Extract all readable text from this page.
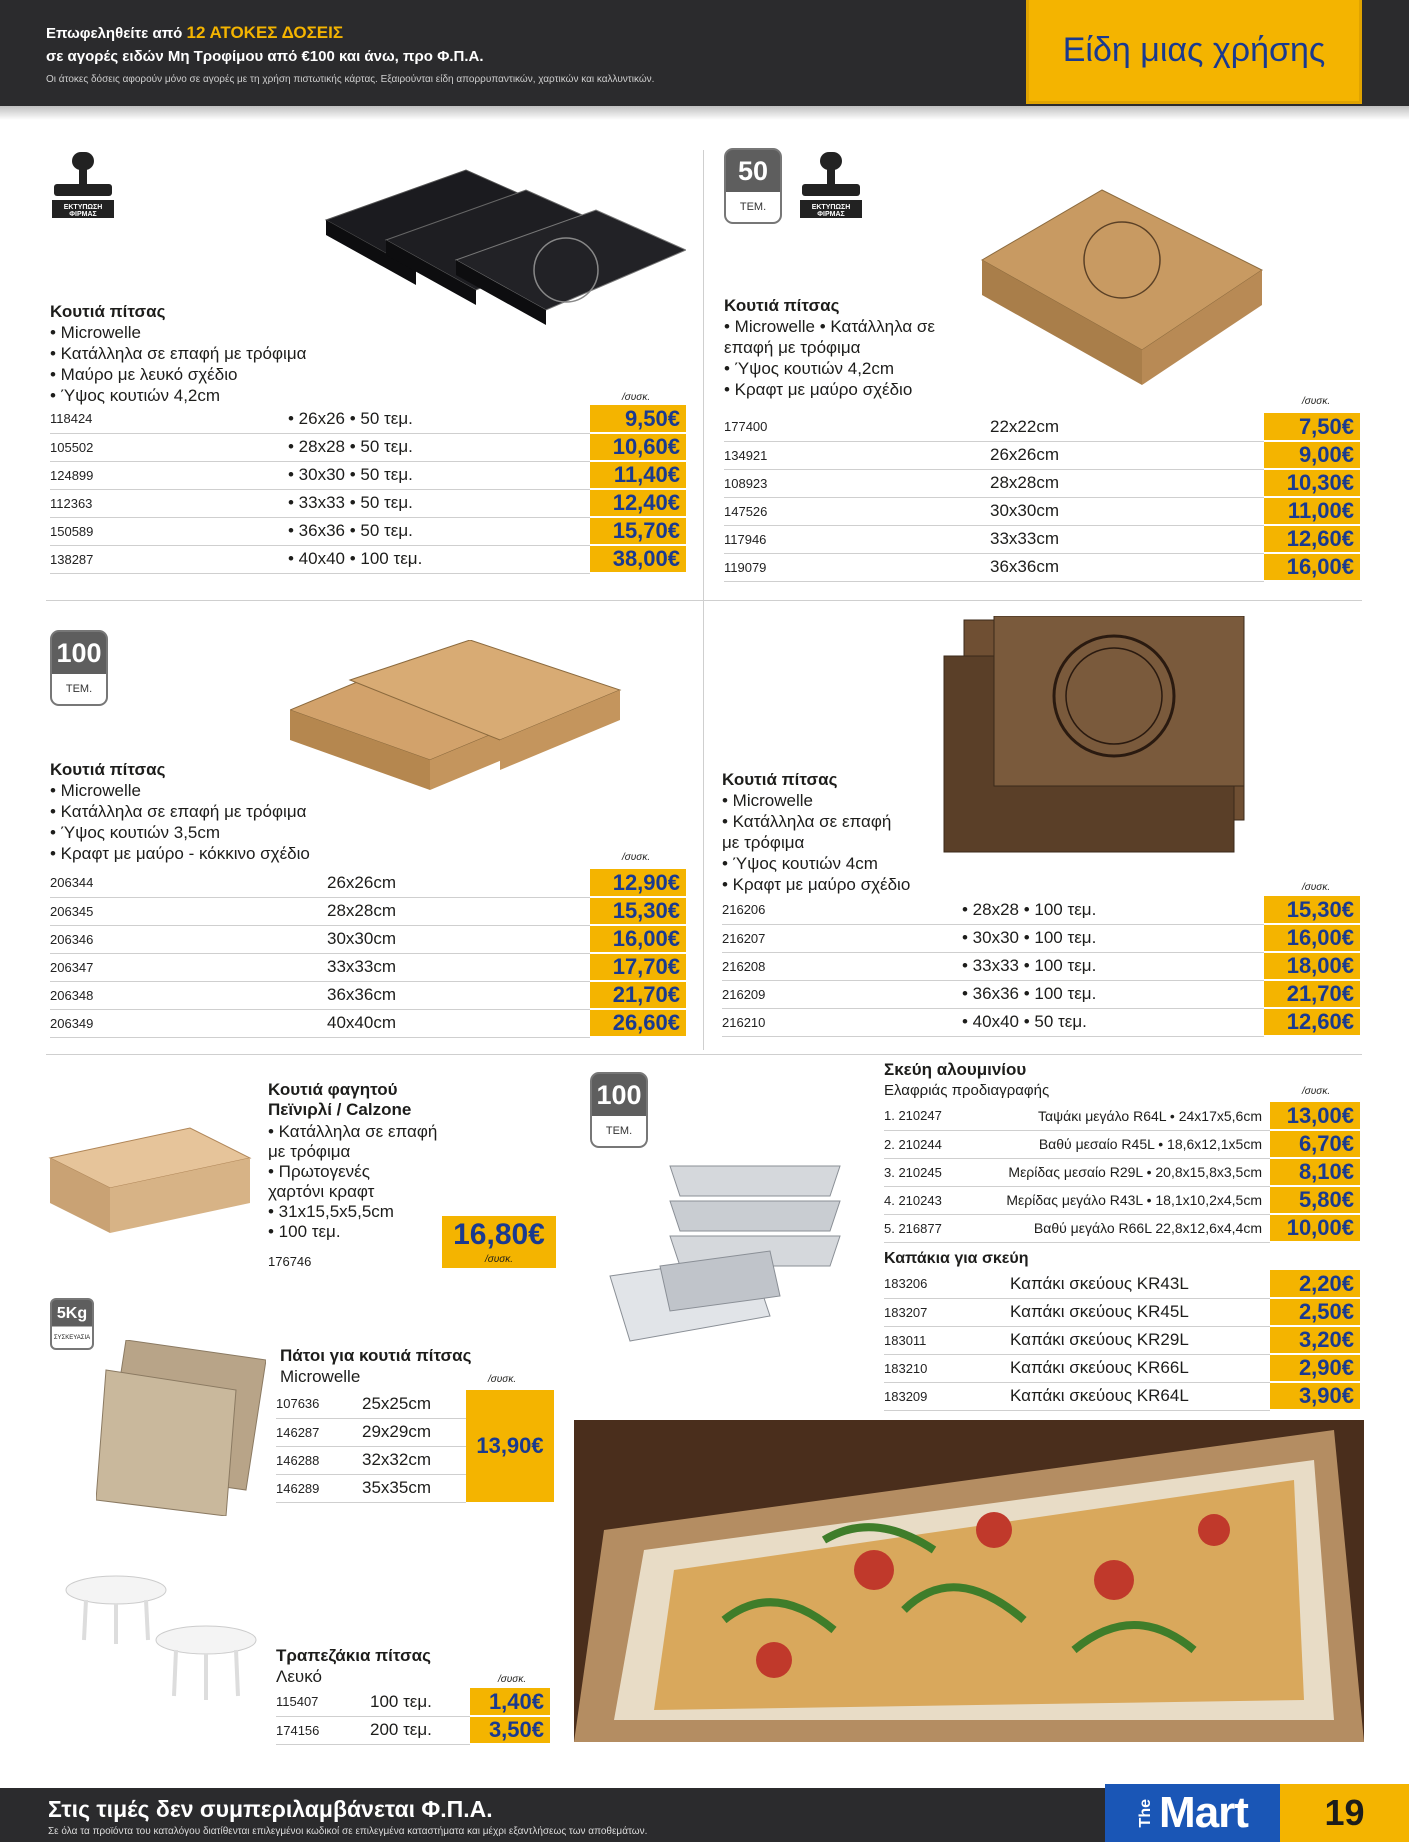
Επωφεληθείτε από 12 ΑΤΟΚΕΣ ΔΟΣΕΙΣ
σε αγορές ειδών Μη Τροφίμου από €100 και άνω, προ Φ.Π.Α.
Οι άτοκες δόσεις αφορούν μόνο σε αγορές με τη χρήση πιστωτικής κάρτας. Εξαιρούνται είδη απορρυπαντικών, χαρτικών και καλλυντικών.
Είδη μιας χρήσης
ΕΚΤΥΠΩΣΗ ΦΙΡΜΑΣ
Κουτιά πίτσας
• Microwelle
• Κατάλληλα σε επαφή με τρόφιμα
• Μαύρο με λευκό σχέδιο
• Ύψος κουτιών 4,2cm	/συσκ.
118424	• 26x26 • 50 τεμ.	9,50€
105502	• 28x28 • 50 τεμ.	10,60€
124899	• 30x30 • 50 τεμ.	11,40€
112363	• 33x33 • 50 τεμ.	12,40€
150589	• 36x36 • 50 τεμ.	15,70€
138287	• 40x40 • 100 τεμ.	38,00€
50
ΤΕΜ.	ΕΚΤΥΠΩΣΗ ΦΙΡΜΑΣ
Κουτιά πίτσας
• Microwelle • Κατάλληλα σε
επαφή με τρόφιμα
• Ύψος κουτιών 4,2cm
• Κραφτ με μαύρο σχέδιο
/συσκ.
177400	22x22cm	7,50€
134921	26x26cm	9,00€
108923	28x28cm	10,30€
147526	30x30cm	11,00€
117946	33x33cm	12,60€
119079	36x36cm	16,00€
100
ΤΕΜ.
Κουτιά πίτσας
• Microwelle
• Κατάλληλα σε επαφή με τρόφιμα
• Ύψος κουτιών 3,5cm
• Κραφτ με μαύρο - κόκκινο σχέδιο	/συσκ.
206344	26x26cm	12,90€
206345	28x28cm	15,30€
206346	30x30cm	16,00€
206347	33x33cm	17,70€
206348	36x36cm	21,70€
206349	40x40cm	26,60€
Κουτιά πίτσας
• Microwelle
• Κατάλληλα σε επαφή
με τρόφιμα
• Ύψος κουτιών 4cm
• Κραφτ με μαύρο σχέδιο	/συσκ.
216206	• 28x28 • 100 τεμ.	15,30€
216207	• 30x30 • 100 τεμ.	16,00€
216208	• 33x33 • 100 τεμ.	18,00€
216209	• 36x36 • 100 τεμ.	21,70€
216210	• 40x40 • 50 τεμ.	12,60€
Κουτιά φαγητού
Πεϊνιρλί / Calzone
• Κατάλληλα σε επαφή
με τρόφιμα
• Πρωτογενές
χαρτόνι κραφτ
• 31x15,5x5,5cm
• 100 τεμ.
176746
16,80€
/συσκ.
100
ΤΕΜ.
Σκεύη αλουμινίου
Ελαφριάς προδιαγραφής	/συσκ.
1. 210247	Ταψάκι μεγάλο R64L • 24x17x5,6cm	13,00€
2. 210244	Βαθύ μεσαίο R45L • 18,6x12,1x5cm	6,70€
3. 210245	Μερίδας μεσαίο R29L • 20,8x15,8x3,5cm	8,10€
4. 210243	Μερίδας μεγάλο R43L • 18,1x10,2x4,5cm	5,80€
5. 216877	Βαθύ μεγάλο R66L 22,8x12,6x4,4cm	10,00€
Καπάκια για σκεύη
183206	Καπάκι σκεύους KR43L	2,20€
183207	Καπάκι σκεύους KR45L	2,50€
183011	Καπάκι σκεύους KR29L	3,20€
183210	Καπάκι σκεύους KR66L	2,90€
183209	Καπάκι σκεύους KR64L	3,90€
5Kg
ΣΥΣΚΕΥΑΣΙΑ
Πάτοι για κουτιά πίτσας
Microwelle	/συσκ.
107636	25x25cm
146287	29x29cm
146288	32x32cm
146289	35x35cm
13,90€
Τραπεζάκια πίτσας
Λευκό	/συσκ.
115407	100 τεμ.	1,40€
174156	200 τεμ.	3,50€
Στις τιμές δεν συμπεριλαμβάνεται Φ.Π.Α.
Σε όλα τα προϊόντα του καταλόγου διατίθενται επιλεγμένοι κωδικοί σε επιλεγμένα καταστήματα και μέχρι εξαντλήσεως των αποθεμάτων.
The Mart	19
